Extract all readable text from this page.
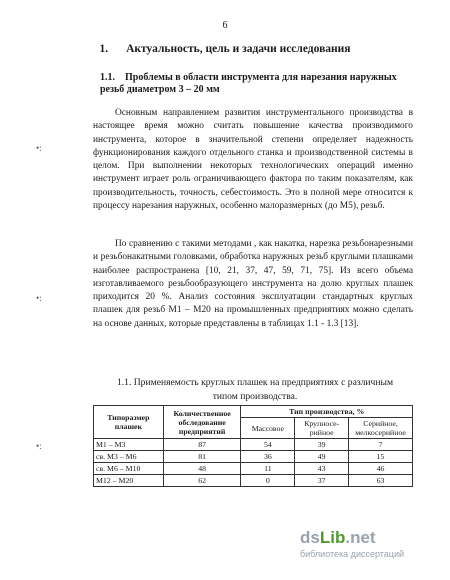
6
1. Актуальность, цель и задачи исследования
1.1. Проблемы в области инструмента для нарезания наружных резьб диаметром 3 – 20 мм
Основным направлением развития инструментального производства в настоящее время можно считать повышение качества производимого инструмента, которое в значительной степени определяет надежность функционирования каждого отдельного станка и производственной системы в целом. При выполнении некоторых технологических операций именно инструмент играет роль ограничивающего фактора по таким показателям, как производительность, точность, себестоимость. Это в полной мере относится к процессу нарезания наружных, особенно малоразмерных (до М5), резьб.
По сравнению с такими методами , как накатка, нарезка резьбонарезными и резьбонакатными головками, обработка наружных резьб круглыми плашками наиболее распространена [10, 21, 37, 47, 59, 71, 75]. Из всего объема изготавливаемого резьбообразующего инструмента на долю круглых плашек приходится 20 %. Анализ состояния эксплуатации стандартных круглых плашек для резьб М1 – М20 на промышленных предприятиях можно сделать на основе данных, которые представлены в таблицах 1.1 - 1.3 [13].
•:
•:
•:
1.1. Применяемость круглых плашек на предприятиях с различным типом производства.
Типоразмер плашек	Количественное обследование предприятий	Тип производства, %		
		Массовое	Крупносе-рийное	Серийное, мелкосерийное
М1 – М3	87	54	39	7
св. М3 – М6	81	36	49	15
св. М6 – М10	48	11	43	46
М12 – М20	62	0	37	63
dsLib.net
библиотека диссертаций
